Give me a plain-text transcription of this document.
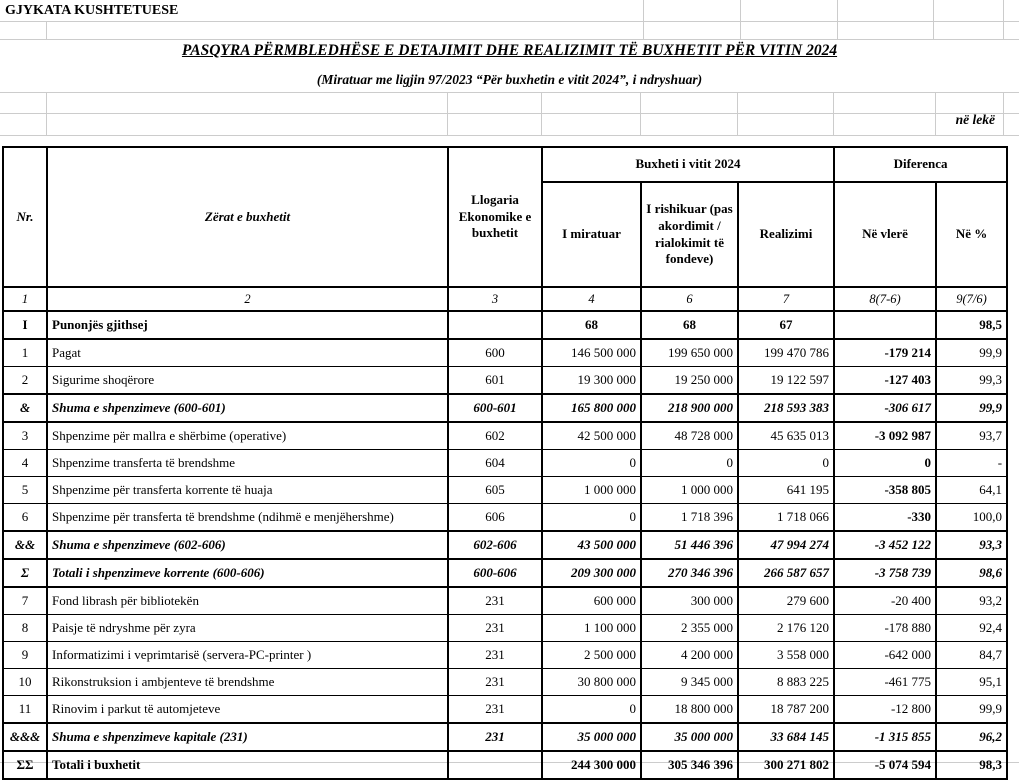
GJYKATA KUSHTETUESE
PASQYRA PËRMBLEDHËSE E DETAJIMIT DHE REALIZIMIT TË BUXHETIT PËR VITIN 2024
(Miratuar me ligjin 97/2023 “Për buxhetin e vitit 2024”, i ndryshuar)
në lekë
Nr.	Zërat e buxhetit	Llogaria Ekonomike e buxhetit	Buxheti i vitit 2024			Diferenca	
			I miratuar	I rishikuar (pas akordimit / rialokimit të fondeve)	Realizimi	Në vlerë	Në %
1	2	3	4	6	7	8(7-6)	9(7/6)
I	Punonjës gjithsej		68	68	67		98,5
1	Pagat	600	146 500 000	199 650 000	199 470 786	-179 214	99,9
2	Sigurime shoqërore	601	19 300 000	19 250 000	19 122 597	-127 403	99,3
&	Shuma e shpenzimeve (600-601)	600-601	165 800 000	218 900 000	218 593 383	-306 617	99,9
3	Shpenzime për mallra e shërbime (operative)	602	42 500 000	48 728 000	45 635 013	-3 092 987	93,7
4	Shpenzime transferta të brendshme	604	0	0	0	0	-
5	Shpenzime për transferta korrente të huaja	605	1 000 000	1 000 000	641 195	-358 805	64,1
6	Shpenzime për transferta të brendshme (ndihmë e menjëhershme)	606	0	1 718 396	1 718 066	-330	100,0
&&	Shuma e shpenzimeve (602-606)	602-606	43 500 000	51 446 396	47 994 274	-3 452 122	93,3
Σ	Totali i shpenzimeve korrente (600-606)	600-606	209 300 000	270 346 396	266 587 657	-3 758 739	98,6
7	Fond librash për bibliotekën	231	600 000	300 000	279 600	-20 400	93,2
8	Paisje të ndryshme për zyra	231	1 100 000	2 355 000	2 176 120	-178 880	92,4
9	Informatizimi i veprimtarisë (servera-PC-printer )	231	2 500 000	4 200 000	3 558 000	-642 000	84,7
10	Rikonstruksion i ambjenteve të brendshme	231	30 800 000	9 345 000	8 883 225	-461 775	95,1
11	Rinovim i parkut të automjeteve	231	0	18 800 000	18 787 200	-12 800	99,9
&&&	Shuma e shpenzimeve kapitale (231)	231	35 000 000	35 000 000	33 684 145	-1 315 855	96,2
ΣΣ	Totali i buxhetit		244 300 000	305 346 396	300 271 802	-5 074 594	98,3
